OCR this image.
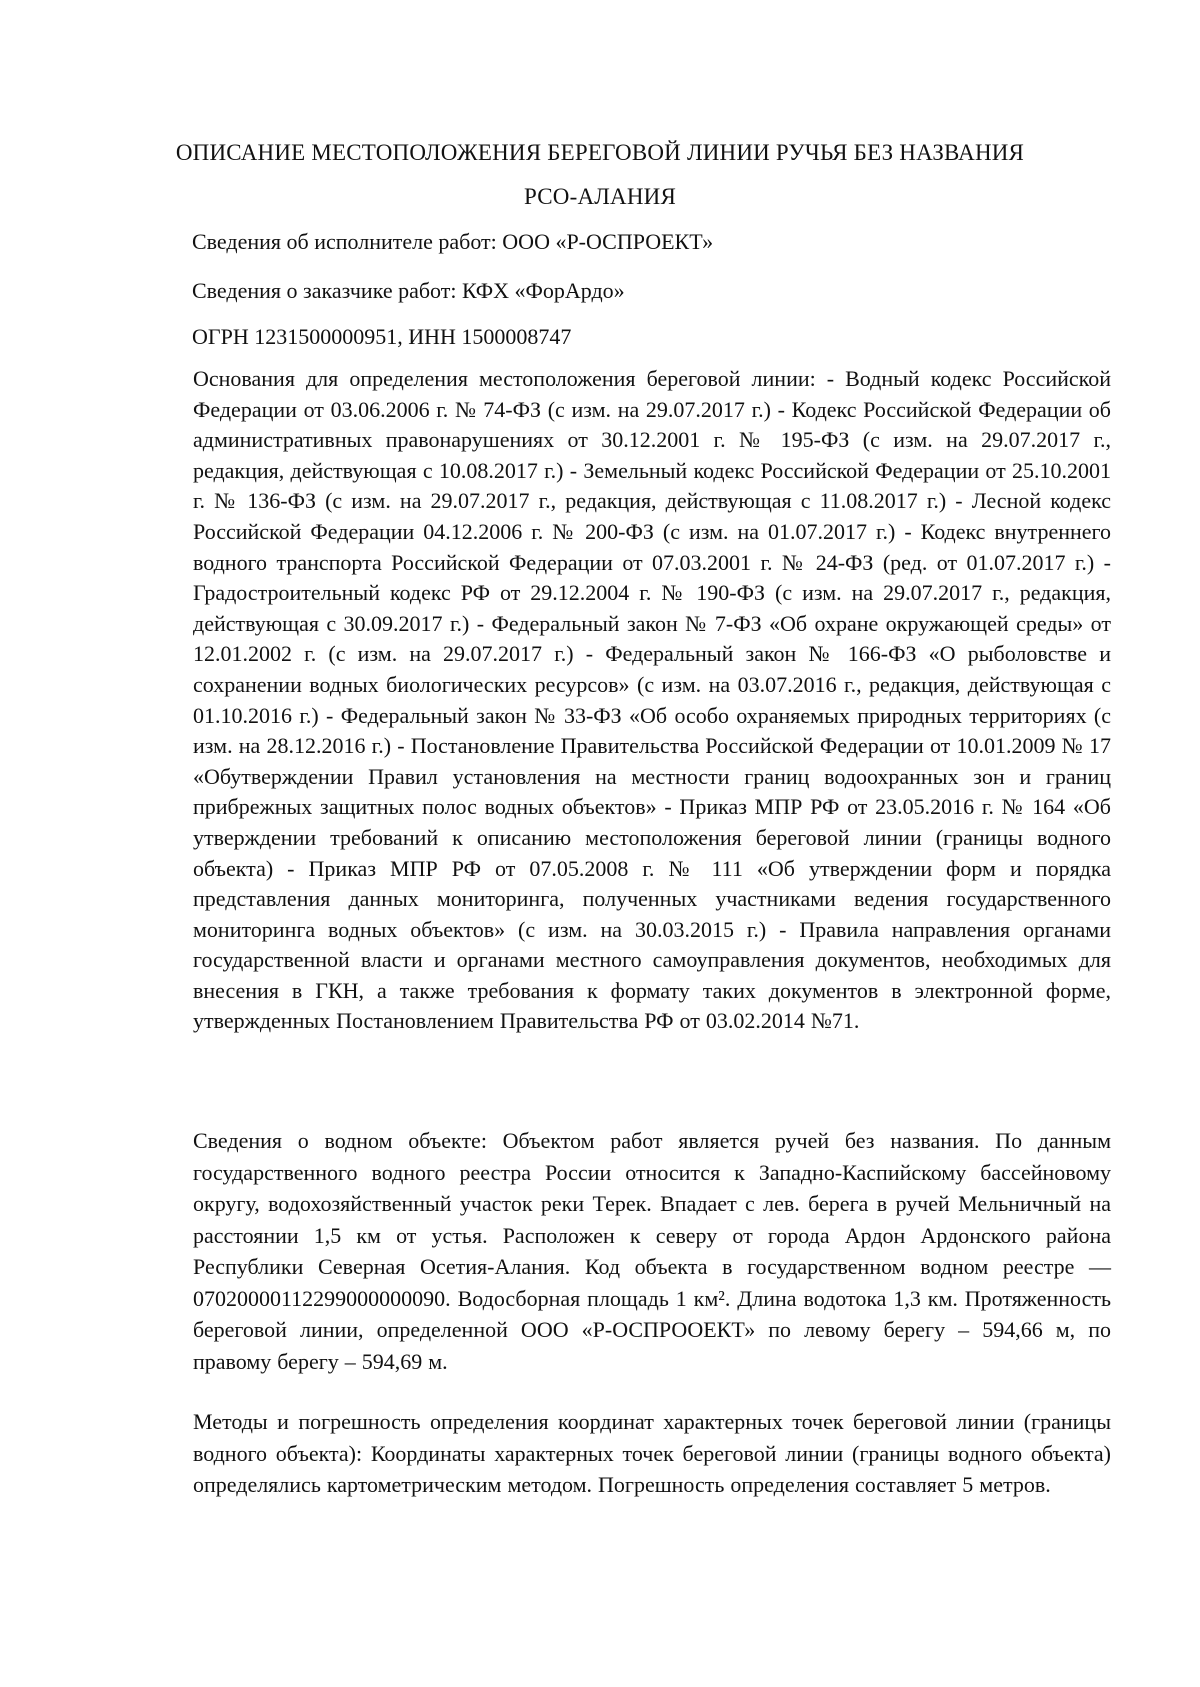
ОПИСАНИЕ МЕСТОПОЛОЖЕНИЯ БЕРЕГОВОЙ ЛИНИИ РУЧЬЯ БЕЗ НАЗВАНИЯ
РСО-АЛАНИЯ
Сведения об исполнителе работ: ООО «Р-ОСПРОЕКТ»
Сведения о заказчике работ: КФХ «ФорАрдо»
ОГРН 1231500000951, ИНН 1500008747
Основания для определения местоположения береговой линии: - Водный кодекс Российской Федерации от 03.06.2006 г. № 74-ФЗ (с изм. на 29.07.2017 г.) - Кодекс Российской Федерации об административных правонарушениях от 30.12.2001 г. № 195-ФЗ (с изм. на 29.07.2017 г., редакция, действующая с 10.08.2017 г.) - Земельный кодекс Российской Федерации от 25.10.2001 г. № 136-ФЗ (с изм. на 29.07.2017 г., редакция, действующая с 11.08.2017 г.) - Лесной кодекс Российской Федерации 04.12.2006 г. № 200-ФЗ (с изм. на 01.07.2017 г.) - Кодекс внутреннего водного транспорта Российской Федерации от 07.03.2001 г. № 24-ФЗ (ред. от 01.07.2017 г.) - Градостроительный кодекс РФ от 29.12.2004 г. № 190-ФЗ (с изм. на 29.07.2017 г., редакция, действующая с 30.09.2017 г.) - Федеральный закон № 7-ФЗ «Об охране окружающей среды» от 12.01.2002 г. (с изм. на 29.07.2017 г.) - Федеральный закон № 166-ФЗ «О рыболовстве и сохранении водных биологических ресурсов» (с изм. на 03.07.2016 г., редакция, действующая с 01.10.2016 г.) - Федеральный закон № 33-ФЗ «Об особо охраняемых природных территориях (с изм. на 28.12.2016 г.) - Постановление Правительства Российской Федерации от 10.01.2009 № 17 «Обутверждении Правил установления на местности границ водоохранных зон и границ прибрежных защитных полос водных объектов» - Приказ МПР РФ от 23.05.2016 г. № 164 «Об утверждении требований к описанию местоположения береговой линии (границы водного объекта) - Приказ МПР РФ от 07.05.2008 г. № 111 «Об утверждении форм и порядка представления данных мониторинга, полученных участниками ведения государственного мониторинга водных объектов» (с изм. на 30.03.2015 г.) - Правила направления органами государственной власти и органами местного самоуправления документов, необходимых для внесения в ГКН, а также требования к формату таких документов в электронной форме, утвержденных Постановлением Правительства РФ от 03.02.2014 №71.
Сведения о водном объекте: Объектом работ является ручей без названия. По данным государственного водного реестра России относится к Западно-Каспийскому бассейновому округу, водохозяйственный участок реки Терек. Впадает с лев. берега в ручей Мельничный на расстоянии 1,5 км от устья. Расположен к северу от города Ардон Ардонского района Республики Северная Осетия-Алания. Код объекта в государственном водном реестре — 07020000112299000000090. Водосборная площадь 1 км². Длина водотока 1,3 км. Протяженность береговой линии, определенной ООО «Р-ОСПРООЕКТ» по левому берегу – 594,66 м, по правому берегу – 594,69 м.
Методы и погрешность определения координат характерных точек береговой линии (границы водного объекта): Координаты характерных точек береговой линии (границы водного объекта) определялись картометрическим методом. Погрешность определения составляет 5 метров.
